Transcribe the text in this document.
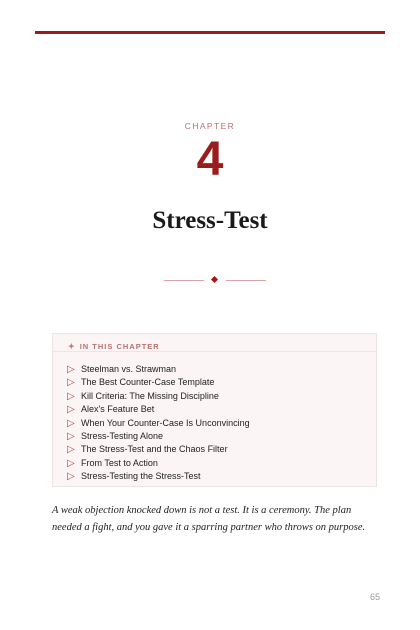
CHAPTER
4
Stress-Test
✦ IN THIS CHAPTER
▷ Steelman vs. Strawman
▷ The Best Counter-Case Template
▷ Kill Criteria: The Missing Discipline
▷ Alex's Feature Bet
▷ When Your Counter-Case Is Unconvincing
▷ Stress-Testing Alone
▷ The Stress-Test and the Chaos Filter
▷ From Test to Action
▷ Stress-Testing the Stress-Test
A weak objection knocked down is not a test. It is a ceremony. The plan needed a fight, and you gave it a sparring partner who throws on purpose.
65
